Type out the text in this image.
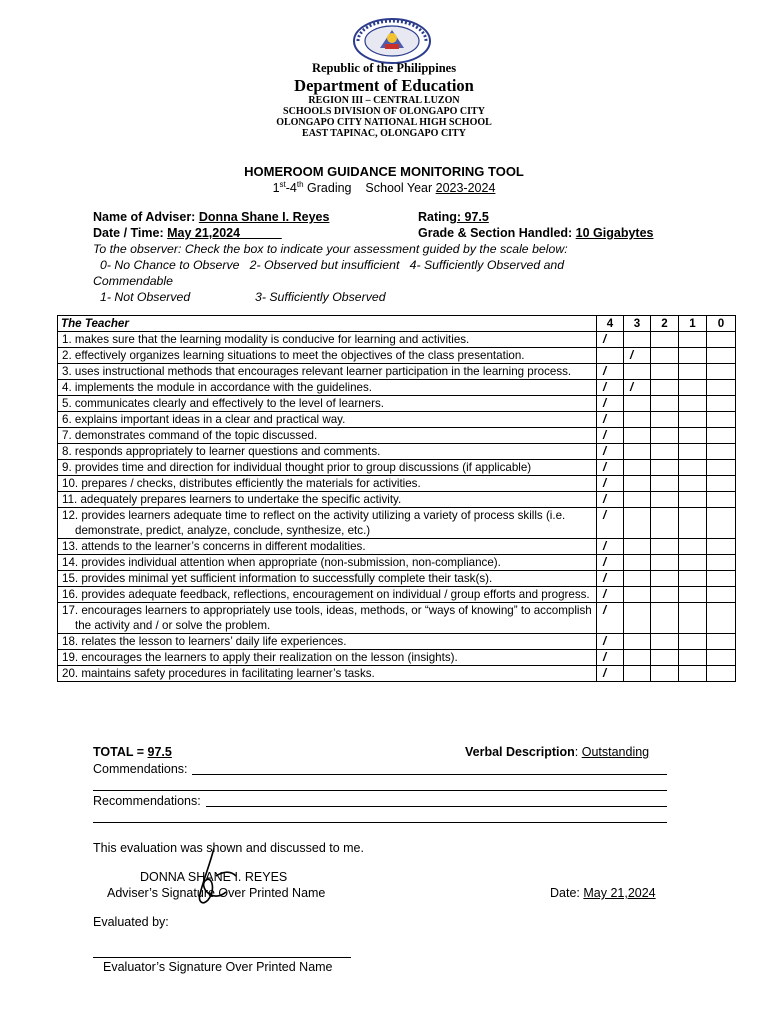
Republic of the Philippines
Department of Education
REGION III – CENTRAL LUZON
SCHOOLS DIVISION OF OLONGAPO CITY
OLONGAPO CITY NATIONAL HIGH SCHOOL
EAST TAPINAC, OLONGAPO CITY
HOMEROOM GUIDANCE MONITORING TOOL
1st-4th Grading School Year 2023-2024
Name of Adviser: Donna Shane I. Reyes	Rating: 97.5
Date / Time: May 21,2024	Grade & Section Handled: 10 Gigabytes
To the observer: Check the box to indicate your assessment guided by the scale below:
0- No Chance to Observe   2- Observed but insufficient   4- Sufficiently Observed and
Commendable
1- Not Observed	3- Sufficiently Observed
The Teacher	4	3	2	1	0
1. makes sure that the learning modality is conducive for learning and activities.	/				
2. effectively organizes learning situations to meet the objectives of the class presentation.		/			
3. uses instructional methods that encourages relevant learner participation in the learning process.	/				
4. implements the module in accordance with the guidelines.	/	/			
5. communicates clearly and effectively to the level of learners.	/				
6. explains important ideas in a clear and practical way.	/				
7. demonstrates command of the topic discussed.	/				
8. responds appropriately to learner questions and comments.	/				
9. provides time and direction for individual thought prior to group discussions (if applicable)	/				
10. prepares / checks, distributes efficiently the materials for activities.	/				
11. adequately prepares learners to undertake the specific activity.	/				
12. provides learners adequate time to reflect on the activity utilizing a variety of process skills (i.e. demonstrate, predict, analyze, conclude, synthesize, etc.)	/				
13. attends to the learner’s concerns in different modalities.	/				
14. provides individual attention when appropriate (non-submission, non-compliance).	/				
15. provides minimal yet sufficient information to successfully complete their task(s).	/				
16. provides adequate feedback, reflections, encouragement on individual / group efforts and progress.	/				
17. encourages learners to appropriately use tools, ideas, methods, or “ways of knowing” to accomplish the activity and / or solve the problem.	/				
18. relates the lesson to learners’ daily life experiences.	/				
19. encourages the learners to apply their realization on the lesson (insights).	/				
20. maintains safety procedures in facilitating learner’s tasks.	/				
TOTAL = 97.5	Verbal Description: Outstanding
Commendations:
Recommendations:
This evaluation was shown and discussed to me.
DONNA SHANE I. REYES
Adviser’s Signature Over Printed Name	Date: May 21,2024
Evaluated by:
Evaluator’s Signature Over Printed Name
